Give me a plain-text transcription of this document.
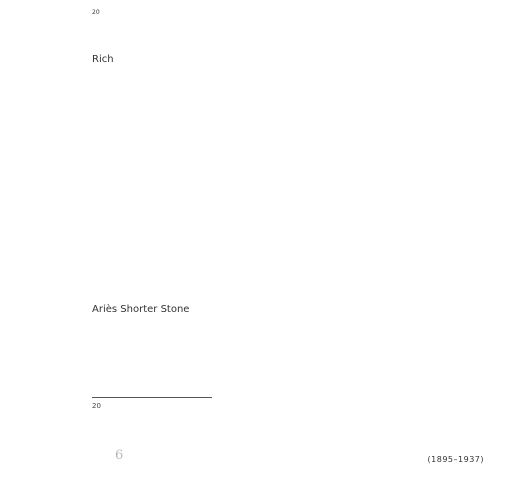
$^{20}$

Rich

Ariès Shorter Stone

20
6	(1895–1937)
